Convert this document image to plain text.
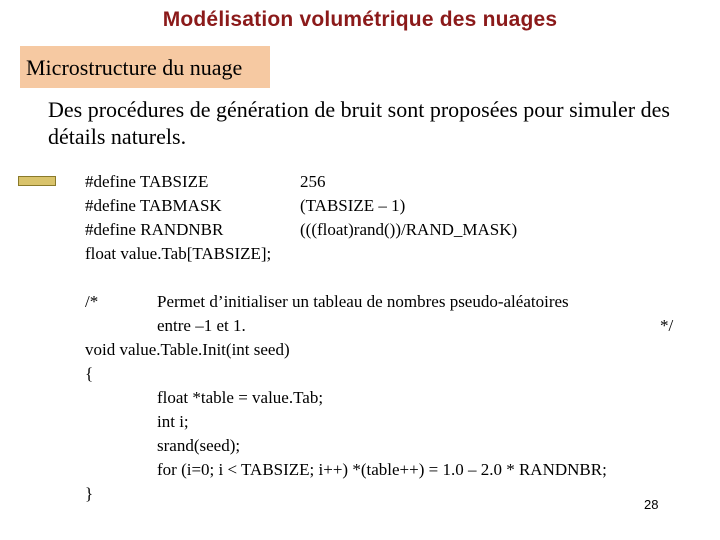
Modélisation volumétrique des nuages
Microstructure du nuage
Des procédures de génération de bruit sont proposées pour simuler des détails naturels.
#define TABSIZE	256
#define TABMASK	(TABSIZE – 1)
#define RANDNBR	(((float)rand())/RAND_MASK)
float value.Tab[TABSIZE];
/*	Permet d’initialiser un tableau de nombres pseudo-aléatoires
entre –1 et 1.	*/
void value.Table.Init(int seed)
{
float *table = value.Tab;
int i;
srand(seed);
for (i=0; i < TABSIZE; i++) *(table++) = 1.0 – 2.0 * RANDNBR;
}
28
